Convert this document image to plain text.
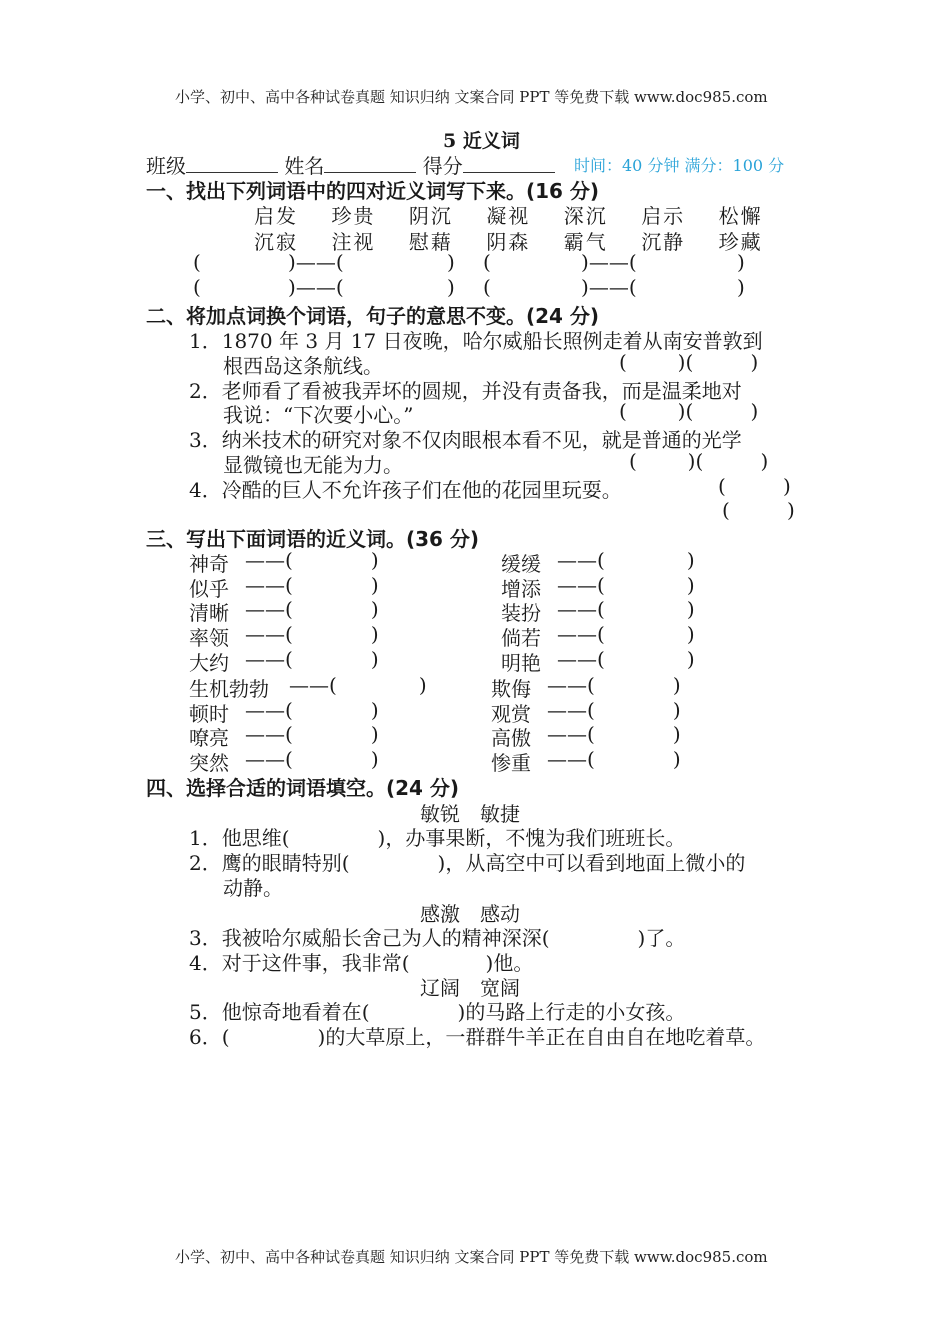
小学、初中、高中各种试卷真题 知识归纳 文案合同 PPT 等免费下载 www.doc985.com
5 近义词
班级	姓名	得分	时间：40 分钟 满分：100 分
一、找出下列词语中的四对近义词写下来。(16 分)
启发 珍贵 阴沉 凝视 深沉 启示 松懈
沉寂 注视 慰藉 阴森 霸气 沉静 珍藏
(	)——(	) (	)——(	)
(	)——(	) (	)——(	)
二、将加点词换个词语，句子的意思不变。(24 分)
1．1870 年 3 月 17 日夜晚，哈尔威船长照例走着从南安普敦到
根西岛这条航线。	(        )(         )
2．老师看了看被我弄坏的圆规，并没有责备我，而是温柔地对
我说：“下次要小心。”	(        )(         )
3．纳米技术的研究对象不仅肉眼根本看不见，就是普通的光学
显微镜也无能为力。	(        )(         )
4．冷酷的巨人不允许孩子们在他的花园里玩耍。	(         )
(         )
三、写出下面词语的近义词。(36 分)
神奇 ——(	)
似乎 ——(	)
清晰 ——(	)
率领 ——(	)
大约 ——(	)
生机勃勃 ——(	)
顿时 ——(	)
嘹亮 ——(	)
突然 ——(	)
缓缓 ——(	)
增添 ——(	)
装扮 ——(	)
倘若 ——(	)
明艳 ——(	)
欺侮 ——(	)
观赏 ——(	)
高傲 ——(	)
惨重 ——(	)
四、选择合适的词语填空。(24 分)
敏锐　敏捷
1．他思维(	)，办事果断，不愧为我们班班长。
2．鹰的眼睛特别(	)，从高空中可以看到地面上微小的
动静。
感激　感动
3．我被哈尔威船长舍己为人的精神深深(	)了。
4．对于这件事，我非常(	)他。
辽阔　宽阔
5．他惊奇地看着在(	)的马路上行走的小女孩。
6．(	)的大草原上，一群群牛羊正在自由自在地吃着草。
小学、初中、高中各种试卷真题 知识归纳 文案合同 PPT 等免费下载 www.doc985.com
